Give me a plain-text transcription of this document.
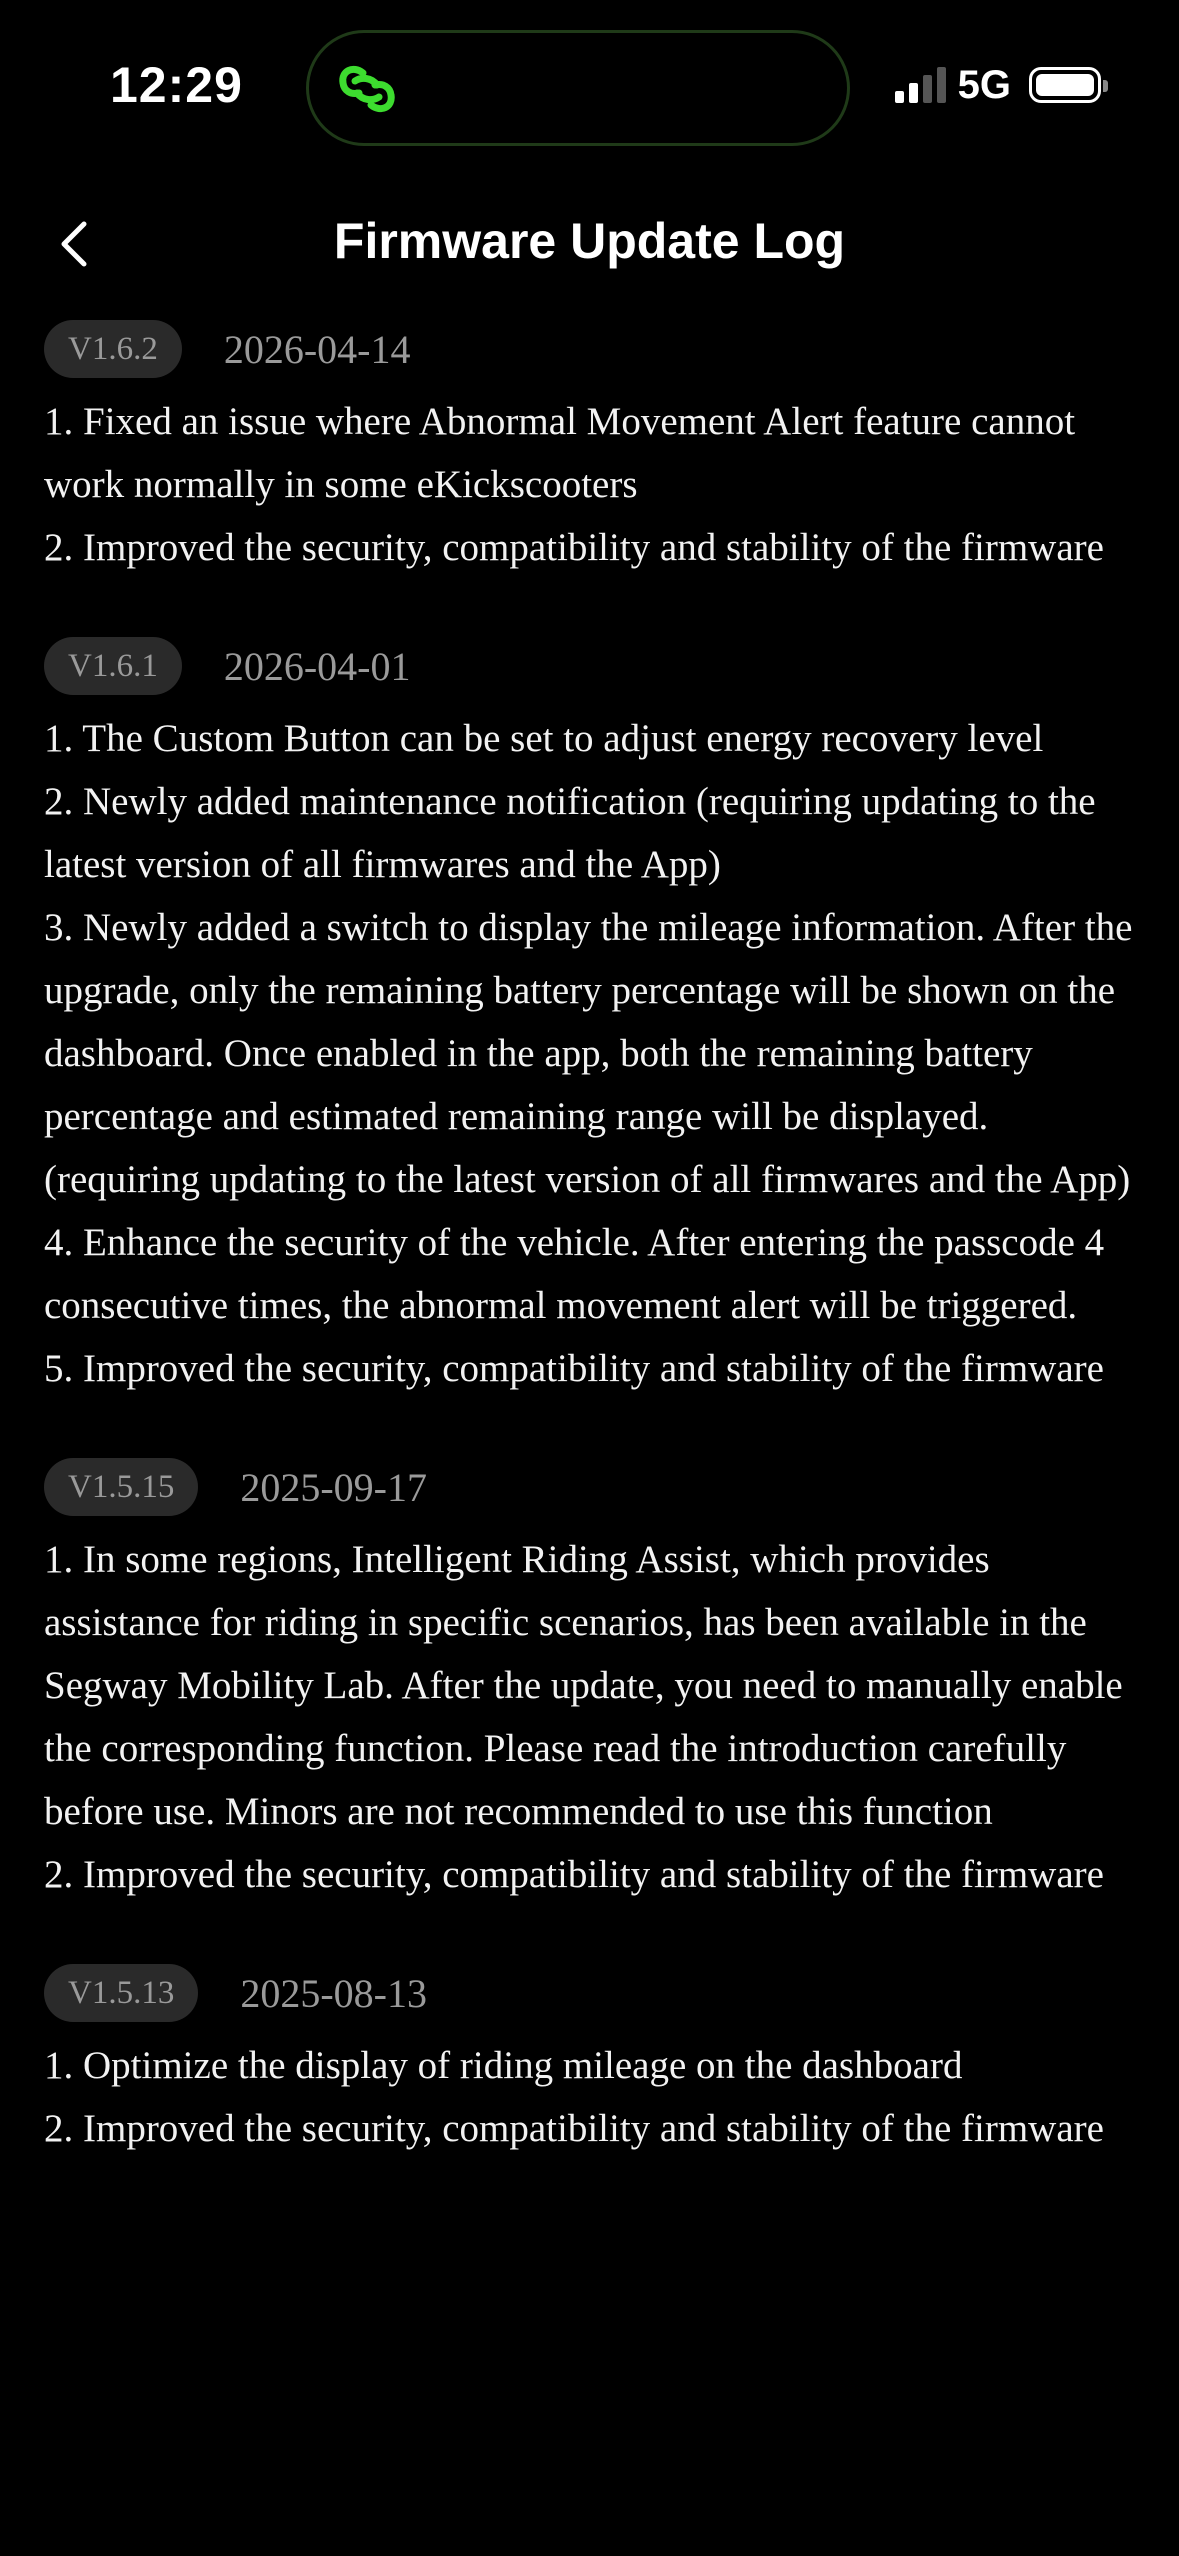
12:29	5G
Firmware Update Log
V1.6.2	2026-04-14

1. Fixed an issue where Abnormal Movement Alert feature cannot work normally in some eKickscooters

2. Improved the security, compatibility and stability of the firmware

V1.6.1	2026-04-01

1. The Custom Button can be set to adjust energy recovery level

2. Newly added maintenance notification (requiring updating to the latest version of all firmwares and the App)

3. Newly added a switch to display the mileage information. After the upgrade, only the remaining battery percentage will be shown on the dashboard. Once enabled in the app, both the remaining battery percentage and estimated remaining range will be displayed. (requiring updating to the latest version of all firmwares and the App)

4. Enhance the security of the vehicle. After entering the passcode 4 consecutive times, the abnormal movement alert will be triggered.

5. Improved the security, compatibility and stability of the firmware

V1.5.15	2025-09-17

1. In some regions, Intelligent Riding Assist, which provides assistance for riding in specific scenarios, has been available in the Segway Mobility Lab. After the update, you need to manually enable the corresponding function. Please read the introduction carefully before use. Minors are not recommended to use this function

2. Improved the security, compatibility and stability of the firmware

V1.5.13	2025-08-13

1. Optimize the display of riding mileage on the dashboard

2. Improved the security, compatibility and stability of the firmware
